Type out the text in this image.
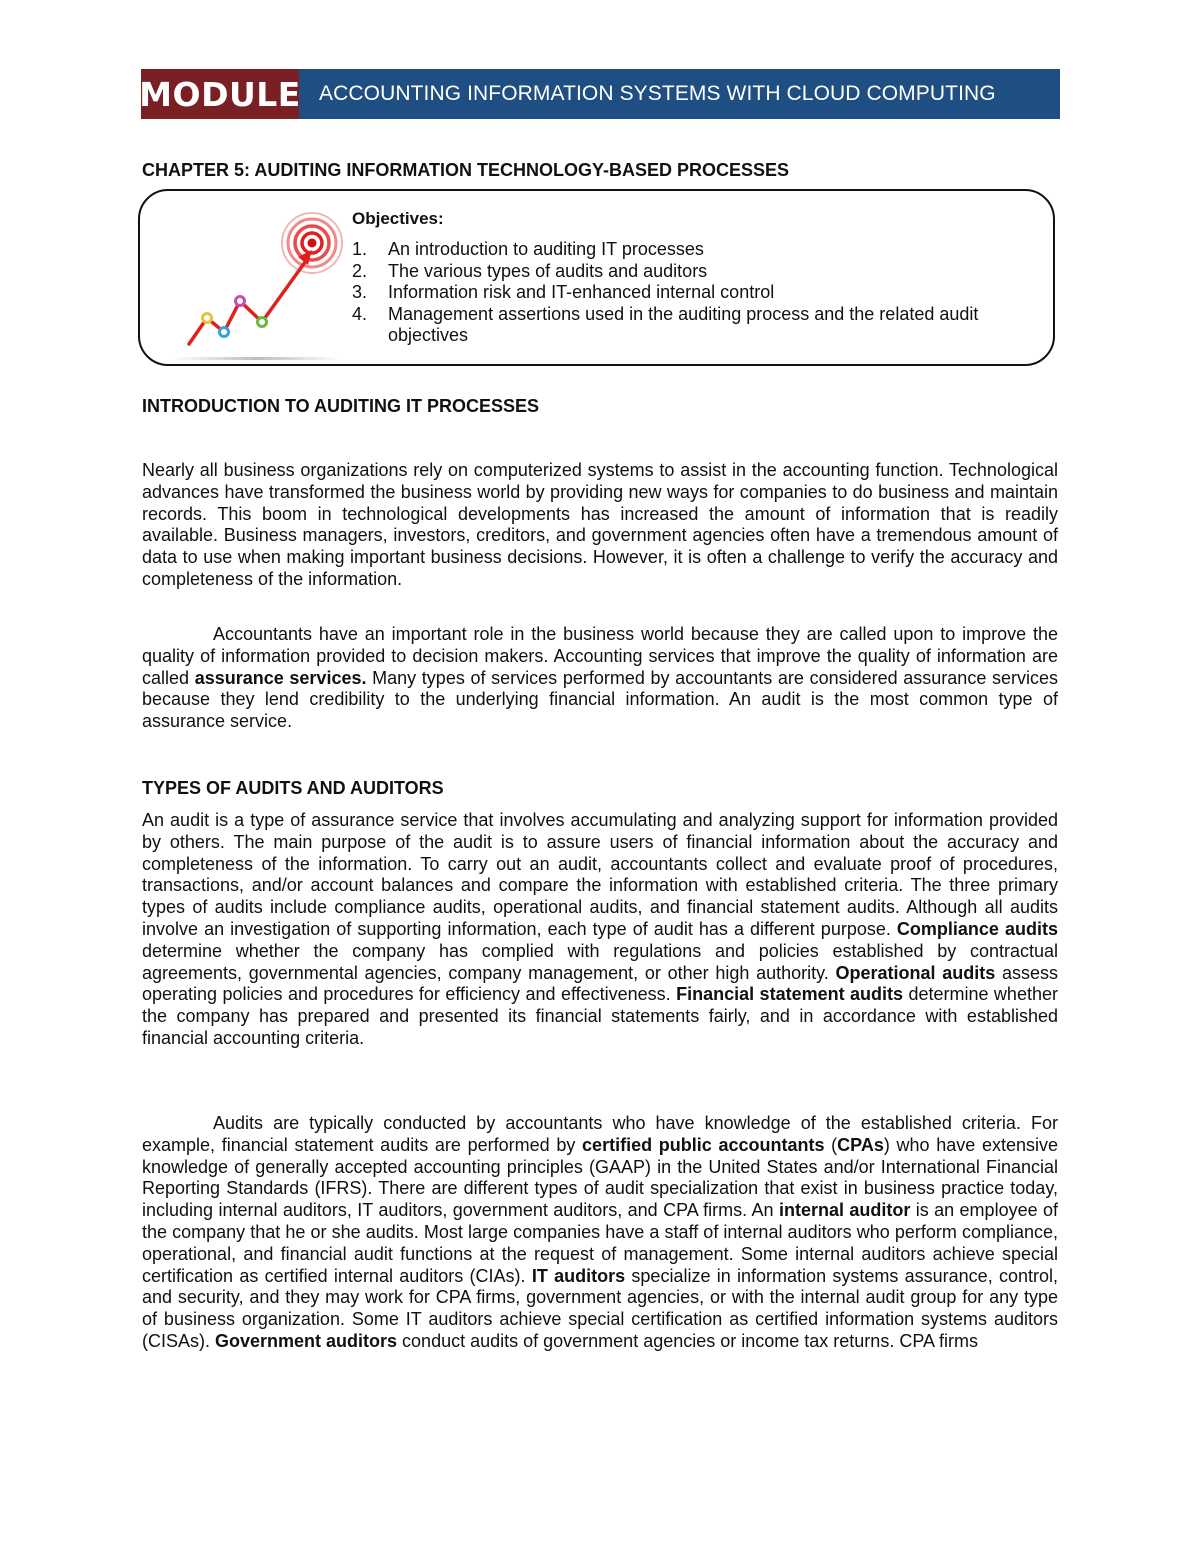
MODULE ACCOUNTING INFORMATION SYSTEMS WITH CLOUD COMPUTING
CHAPTER 5: AUDITING INFORMATION TECHNOLOGY-BASED PROCESSES
Objectives:
1. An introduction to auditing IT processes
2. The various types of audits and auditors
3. Information risk and IT-enhanced internal control
4. Management assertions used in the auditing process and the related audit objectives
INTRODUCTION TO AUDITING IT PROCESSES

Nearly all business organizations rely on computerized systems to assist in the accounting function. Technological advances have transformed the business world by providing new ways for companies to do business and maintain records. This boom in technological developments has increased the amount of information that is readily available. Business managers, investors, creditors, and government agencies often have a tremendous amount of data to use when making important business decisions. However, it is often a challenge to verify the accuracy and completeness of the information.

Accountants have an important role in the business world because they are called upon to improve the quality of information provided to decision makers. Accounting services that improve the quality of information are called assurance services. Many types of services performed by accountants are considered assurance services because they lend credibility to the underlying financial information. An audit is the most common type of assurance service.

TYPES OF AUDITS AND AUDITORS

An audit is a type of assurance service that involves accumulating and analyzing support for information provided by others. The main purpose of the audit is to assure users of financial information about the accuracy and completeness of the information. To carry out an audit, accountants collect and evaluate proof of procedures, transactions, and/or account balances and compare the information with established criteria. The three primary types of audits include compliance audits, operational audits, and financial statement audits. Although all audits involve an investigation of supporting information, each type of audit has a different purpose. Compliance audits determine whether the company has complied with regulations and policies established by contractual agreements, governmental agencies, company management, or other high authority. Operational audits assess operating policies and procedures for efficiency and effectiveness. Financial statement audits determine whether the company has prepared and presented its financial statements fairly, and in accordance with established financial accounting criteria.

Audits are typically conducted by accountants who have knowledge of the established criteria. For example, financial statement audits are performed by certified public accountants (CPAs) who have extensive knowledge of generally accepted accounting principles (GAAP) in the United States and/or International Financial Reporting Standards (IFRS). There are different types of audit specialization that exist in business practice today, including internal auditors, IT auditors, government auditors, and CPA firms. An internal auditor is an employee of the company that he or she audits. Most large companies have a staff of internal auditors who perform compliance, operational, and financial audit functions at the request of management. Some internal auditors achieve special certification as certified internal auditors (CIAs). IT auditors specialize in information systems assurance, control, and security, and they may work for CPA firms, government agencies, or with the internal audit group for any type of business organization. Some IT auditors achieve special certification as certified information systems auditors (CISAs). Government auditors conduct audits of government agencies or income tax returns. CPA firms
